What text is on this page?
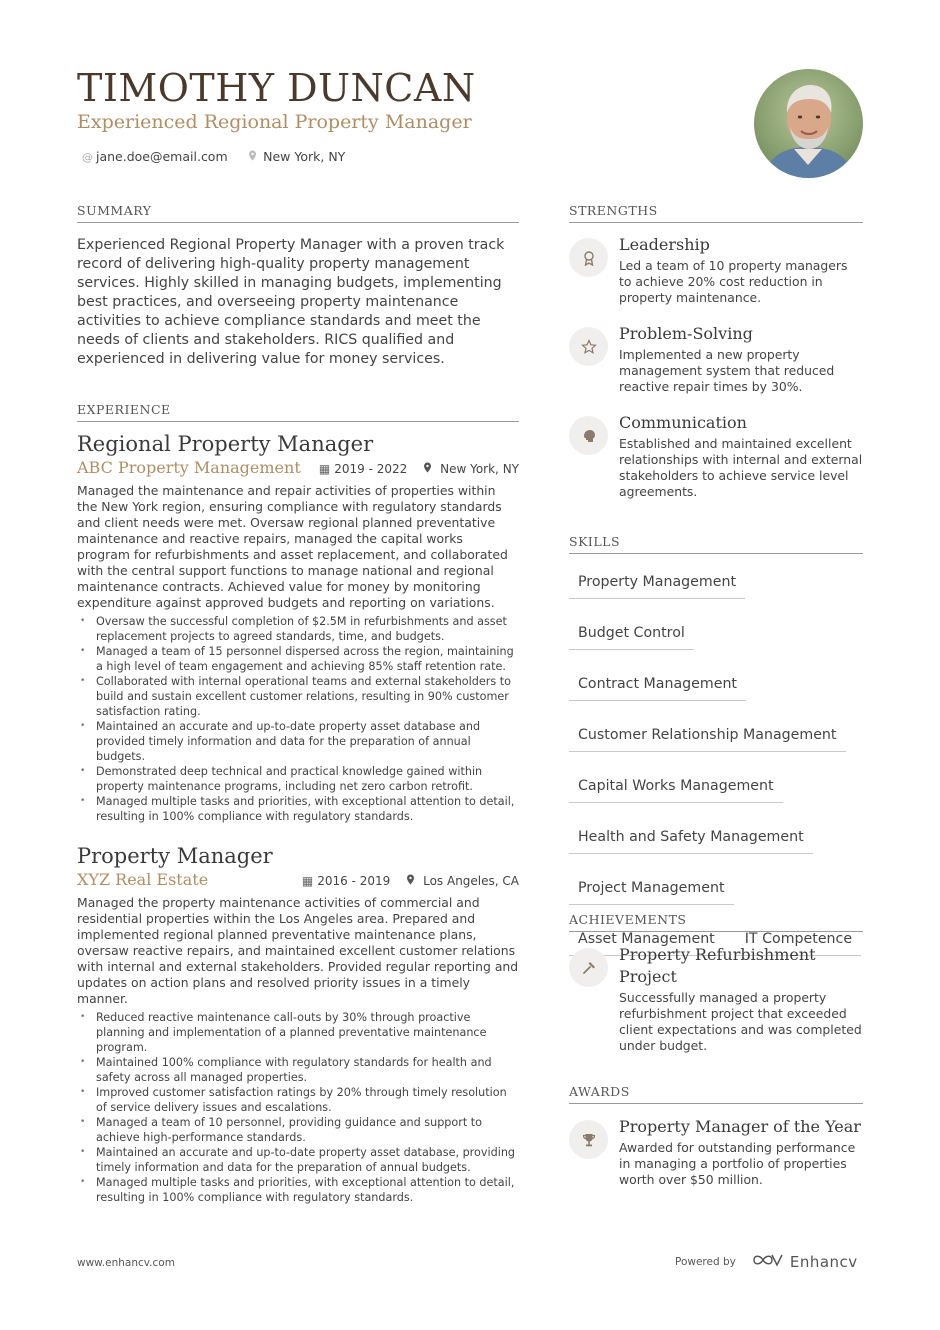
TIMOTHY DUNCAN
Experienced Regional Property Manager
@ jane.doe@email.com	New York, NY
SUMMARY
Experienced Regional Property Manager with a proven track record of delivering high-quality property management services. Highly skilled in managing budgets, implementing best practices, and overseeing property maintenance activities to achieve compliance standards and meet the needs of clients and stakeholders. RICS qualified and experienced in delivering value for money services.
EXPERIENCE
Regional Property Manager
ABC Property Management ▦ 2019 - 2022	New York, NY
Managed the maintenance and repair activities of properties within the New York region, ensuring compliance with regulatory standards and client needs were met. Oversaw regional planned preventative maintenance and reactive repairs, managed the capital works program for refurbishments and asset replacement, and collaborated with the central support functions to manage national and regional maintenance contracts. Achieved value for money by monitoring expenditure against approved budgets and reporting on variations.
• Oversaw the successful completion of $2.5M in refurbishments and asset replacement projects to agreed standards, time, and budgets.
• Managed a team of 15 personnel dispersed across the region, maintaining a high level of team engagement and achieving 85% staff retention rate.
• Collaborated with internal operational teams and external stakeholders to build and sustain excellent customer relations, resulting in 90% customer satisfaction rating.
• Maintained an accurate and up-to-date property asset database and provided timely information and data for the preparation of annual budgets.
• Demonstrated deep technical and practical knowledge gained within property maintenance programs, including net zero carbon retrofit.
• Managed multiple tasks and priorities, with exceptional attention to detail, resulting in 100% compliance with regulatory standards.
Property Manager
XYZ Real Estate	▦ 2016 - 2019	Los Angeles, CA
Managed the property maintenance activities of commercial and residential properties within the Los Angeles area. Prepared and implemented regional planned preventative maintenance plans, oversaw reactive repairs, and maintained excellent customer relations with internal and external stakeholders. Provided regular reporting and updates on action plans and resolved priority issues in a timely manner.
• Reduced reactive maintenance call-outs by 30% through proactive planning and implementation of a planned preventative maintenance program.
• Maintained 100% compliance with regulatory standards for health and safety across all managed properties.
• Improved customer satisfaction ratings by 20% through timely resolution of service delivery issues and escalations.
• Managed a team of 10 personnel, providing guidance and support to achieve high-performance standards.
• Maintained an accurate and up-to-date property asset database, providing timely information and data for the preparation of annual budgets.
• Managed multiple tasks and priorities, with exceptional attention to detail, resulting in 100% compliance with regulatory standards.
STRENGTHS
Leadership
Led a team of 10 property managers to achieve 20% cost reduction in property maintenance.
Problem-Solving
Implemented a new property management system that reduced reactive repair times by 30%.
Communication
Established and maintained excellent relationships with internal and external stakeholders to achieve service level agreements.
SKILLS
Property Management
Budget Control
Contract Management
Customer Relationship Management
Capital Works Management
Health and Safety Management
Project Management
Asset Management	IT Competence
ACHIEVEMENTS
Property Refurbishment Project
Successfully managed a property refurbishment project that exceeded client expectations and was completed under budget.
AWARDS
Property Manager of the Year
Awarded for outstanding performance in managing a portfolio of properties worth over $50 million.
www.enhancv.com	Powered by	Enhancv
